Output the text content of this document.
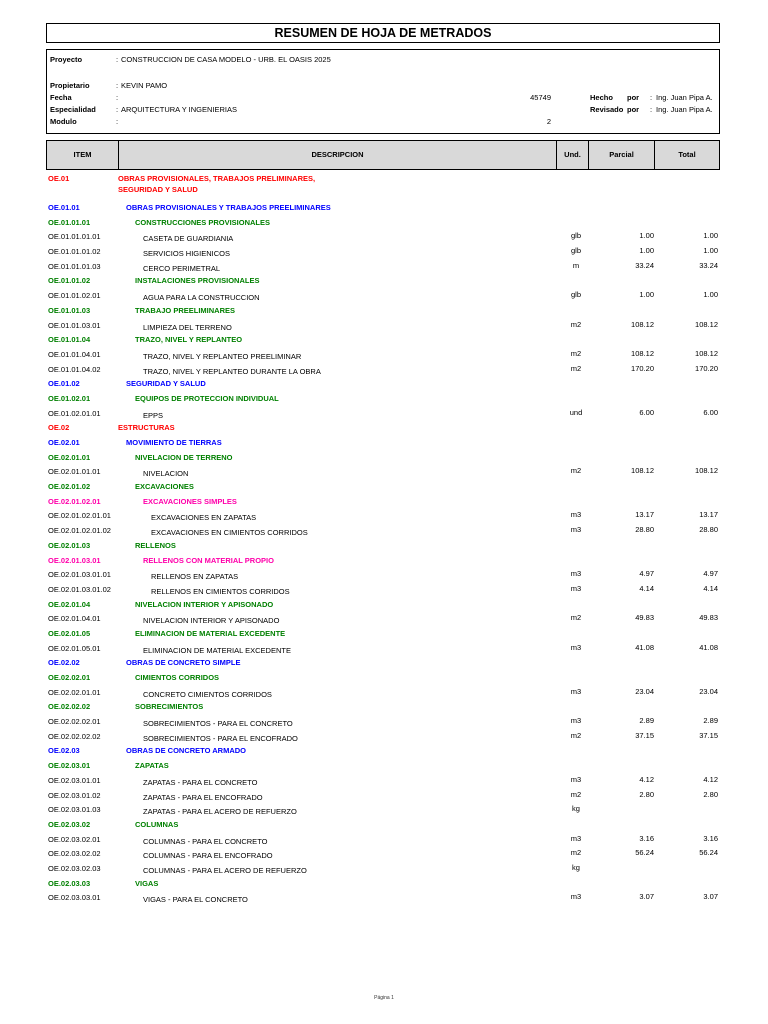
RESUMEN DE HOJA DE METRADOS
Proyecto	: CONSTRUCCION DE CASA MODELO - URB. EL OASIS 2025
Propietario	: KEVIN PAMO
Fecha	:	45749	Hecho por : Ing. Juan Pipa A.
Especialidad	: ARQUITECTURA Y INGENIERIAS	Revisado por : Ing. Juan Pipa A.
Modulo	:	2
ITEM	DESCRIPCION	Und.	Parcial	Total
OE.01	OBRAS PROVISIONALES, TRABAJOS PRELIMINARES,
SEGURIDAD Y SALUD
OE.01.01	OBRAS PROVISIONALES Y TRABAJOS PREELIMINARES
OE.01.01.01	CONSTRUCCIONES PROVISIONALES
OE.01.01.01.01	CASETA DE GUARDIANIA	glb	1.00	1.00
OE.01.01.01.02	SERVICIOS HIGIENICOS	glb	1.00	1.00
OE.01.01.01.03	CERCO PERIMETRAL	m	33.24	33.24
OE.01.01.02	INSTALACIONES PROVISIONALES
OE.01.01.02.01	AGUA PARA LA CONSTRUCCION	glb	1.00	1.00
OE.01.01.03	TRABAJO PREELIMINARES
OE.01.01.03.01	LIMPIEZA DEL TERRENO	m2	108.12	108.12
OE.01.01.04	TRAZO, NIVEL Y REPLANTEO
OE.01.01.04.01	TRAZO, NIVEL Y REPLANTEO PREELIMINAR	m2	108.12	108.12
OE.01.01.04.02	TRAZO, NIVEL Y REPLANTEO DURANTE LA OBRA	m2	170.20	170.20
OE.01.02	SEGURIDAD Y SALUD
OE.01.02.01	EQUIPOS DE PROTECCION INDIVIDUAL
OE.01.02.01.01	EPPS	und	6.00	6.00
OE.02	ESTRUCTURAS
OE.02.01	MOVIMIENTO DE TIERRAS
OE.02.01.01	NIVELACION DE TERRENO
OE.02.01.01.01	NIVELACION	m2	108.12	108.12
OE.02.01.02	EXCAVACIONES
OE.02.01.02.01	EXCAVACIONES SIMPLES
OE.02.01.02.01.01	EXCAVACIONES EN ZAPATAS	m3	13.17	13.17
OE.02.01.02.01.02	EXCAVACIONES EN CIMIENTOS CORRIDOS	m3	28.80	28.80
OE.02.01.03	RELLENOS
OE.02.01.03.01	RELLENOS CON MATERIAL PROPIO
OE.02.01.03.01.01	RELLENOS EN ZAPATAS	m3	4.97	4.97
OE.02.01.03.01.02	RELLENOS EN CIMIENTOS CORRIDOS	m3	4.14	4.14
OE.02.01.04	NIVELACION INTERIOR Y APISONADO
OE.02.01.04.01	NIVELACION INTERIOR Y APISONADO	m2	49.83	49.83
OE.02.01.05	ELIMINACION DE MATERIAL EXCEDENTE
OE.02.01.05.01	ELIMINACION DE MATERIAL EXCEDENTE	m3	41.08	41.08
OE.02.02	OBRAS DE CONCRETO SIMPLE
OE.02.02.01	CIMIENTOS CORRIDOS
OE.02.02.01.01	CONCRETO CIMIENTOS CORRIDOS	m3	23.04	23.04
OE.02.02.02	SOBRECIMIENTOS
OE.02.02.02.01	SOBRECIMIENTOS - PARA EL CONCRETO	m3	2.89	2.89
OE.02.02.02.02	SOBRECIMIENTOS - PARA EL ENCOFRADO	m2	37.15	37.15
OE.02.03	OBRAS DE CONCRETO ARMADO
OE.02.03.01	ZAPATAS
OE.02.03.01.01	ZAPATAS - PARA EL CONCRETO	m3	4.12	4.12
OE.02.03.01.02	ZAPATAS - PARA EL ENCOFRADO	m2	2.80	2.80
OE.02.03.01.03	ZAPATAS - PARA EL ACERO DE REFUERZO	kg
OE.02.03.02	COLUMNAS
OE.02.03.02.01	COLUMNAS - PARA EL CONCRETO	m3	3.16	3.16
OE.02.03.02.02	COLUMNAS - PARA EL ENCOFRADO	m2	56.24	56.24
OE.02.03.02.03	COLUMNAS - PARA EL ACERO DE REFUERZO	kg
OE.02.03.03	VIGAS
OE.02.03.03.01	VIGAS - PARA EL CONCRETO	m3	3.07	3.07
Página 1
